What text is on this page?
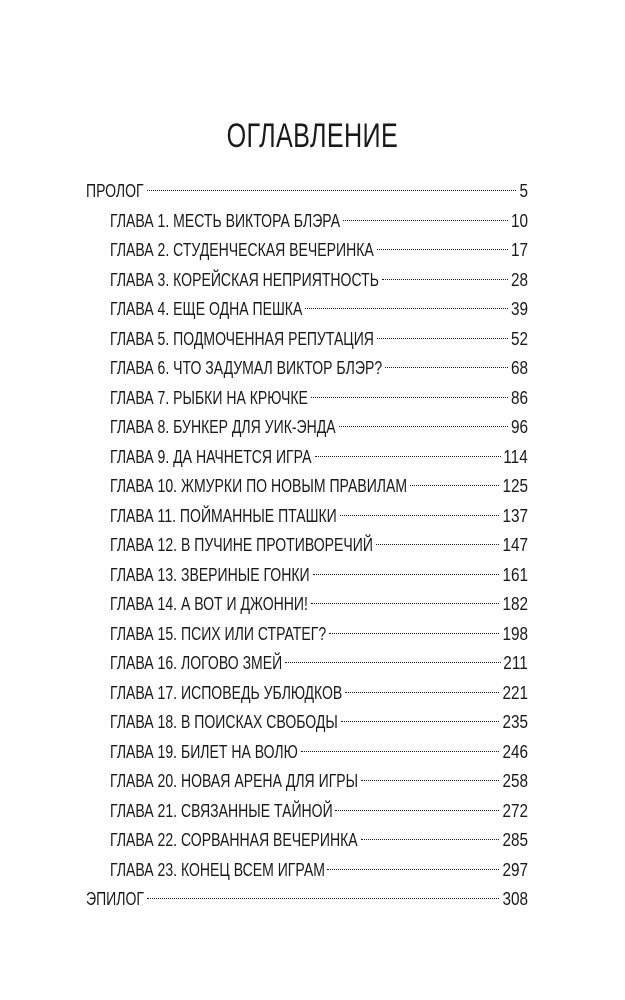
ОГЛАВЛЕНИЕ
ПРОЛОГ	5
ГЛАВА 1. МЕСТЬ ВИКТОРА БЛЭРА	10
ГЛАВА 2. СТУДЕНЧЕСКАЯ ВЕЧЕРИНКА	17
ГЛАВА 3. КОРЕЙСКАЯ НЕПРИЯТНОСТЬ	28
ГЛАВА 4. ЕЩЕ ОДНА ПЕШКА	39
ГЛАВА 5. ПОДМОЧЕННАЯ РЕПУТАЦИЯ	52
ГЛАВА 6. ЧТО ЗАДУМАЛ ВИКТОР БЛЭР?	68
ГЛАВА 7. РЫБКИ НА КРЮЧКЕ	86
ГЛАВА 8. БУНКЕР ДЛЯ УИК-ЭНДА	96
ГЛАВА 9. ДА НАЧНЕТСЯ ИГРА	114
ГЛАВА 10. ЖМУРКИ ПО НОВЫМ ПРАВИЛАМ	125
ГЛАВА 11. ПОЙМАННЫЕ ПТАШКИ	137
ГЛАВА 12. В ПУЧИНЕ ПРОТИВОРЕЧИЙ	147
ГЛАВА 13. ЗВЕРИНЫЕ ГОНКИ	161
ГЛАВА 14. А ВОТ И ДЖОННИ!	182
ГЛАВА 15. ПСИХ ИЛИ СТРАТЕГ?	198
ГЛАВА 16. ЛОГОВО ЗМЕЙ	211
ГЛАВА 17. ИСПОВЕДЬ УБЛЮДКОВ	221
ГЛАВА 18. В ПОИСКАХ СВОБОДЫ	235
ГЛАВА 19. БИЛЕТ НА ВОЛЮ	246
ГЛАВА 20. НОВАЯ АРЕНА ДЛЯ ИГРЫ	258
ГЛАВА 21. СВЯЗАННЫЕ ТАЙНОЙ	272
ГЛАВА 22. СОРВАННАЯ ВЕЧЕРИНКА	285
ГЛАВА 23. КОНЕЦ ВСЕМ ИГРАМ	297
ЭПИЛОГ	308
